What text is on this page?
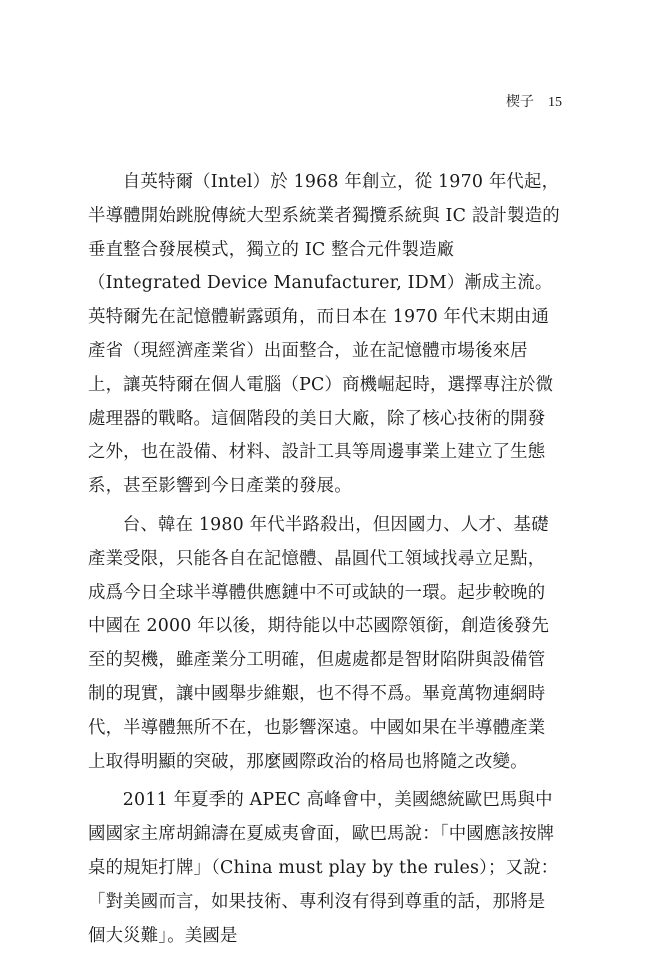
楔子 15

自英特爾（Intel）於 1968 年創立，從 1970 年代起，半導體開始跳脫傳統大型系統業者獨攬系統與 IC 設計製造的垂直整合發展模式，獨立的 IC 整合元件製造廠（Integrated Device Manufacturer, IDM）漸成主流。英特爾先在記憶體嶄露頭角，而日本在 1970 年代末期由通產省（現經濟產業省）出面整合，並在記憶體市場後來居上，讓英特爾在個人電腦（PC）商機崛起時，選擇專注於微處理器的戰略。這個階段的美日大廠，除了核心技術的開發之外，也在設備、材料、設計工具等周邊事業上建立了生態系，甚至影響到今日產業的發展。

台、韓在 1980 年代半路殺出，但因國力、人才、基礎產業受限，只能各自在記憶體、晶圓代工領域找尋立足點，成爲今日全球半導體供應鏈中不可或缺的一環。起步較晚的中國在 2000 年以後，期待能以中芯國際領銜，創造後發先至的契機，雖產業分工明確，但處處都是智財陷阱與設備管制的現實，讓中國舉步維艱，也不得不爲。畢竟萬物連網時代，半導體無所不在，也影響深遠。中國如果在半導體產業上取得明顯的突破，那麼國際政治的格局也將隨之改變。

2011 年夏季的 APEC 高峰會中，美國總統歐巴馬與中國國家主席胡錦濤在夏威夷會面，歐巴馬說：「中國應該按牌桌的規矩打牌」（China must play by the rules）；又說：「對美國而言，如果技術、專利沒有得到尊重的話，那將是個大災難」。美國是
